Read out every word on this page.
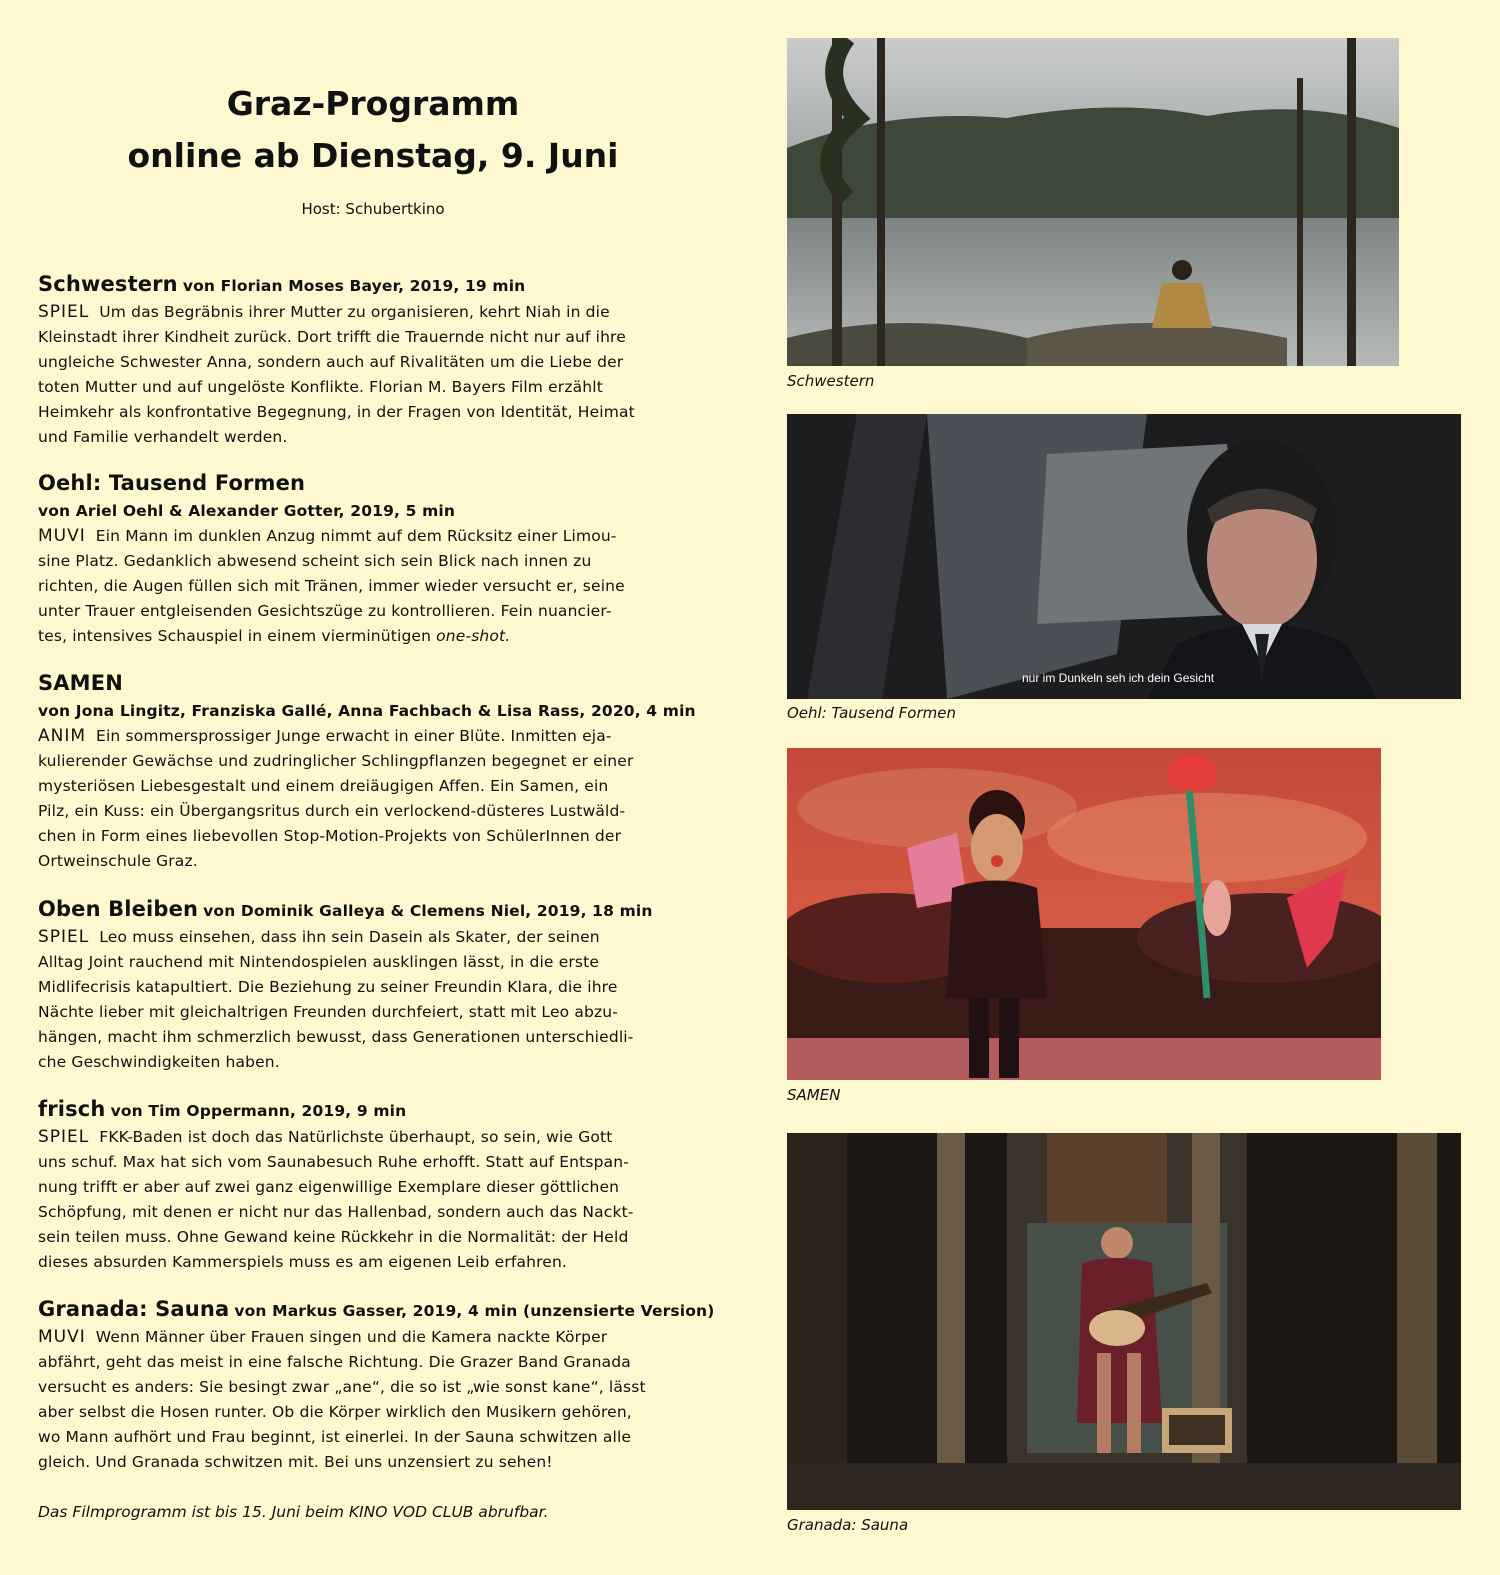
Graz-Programm
online ab Dienstag, 9. Juni
Host: Schubertkino
Schwestern von Florian Moses Bayer, 2019, 19 min
SPIEL Um das Begräbnis ihrer Mutter zu organisieren, kehrt Niah in die
Kleinstadt ihrer Kindheit zurück. Dort trifft die Trauernde nicht nur auf ihre
ungleiche Schwester Anna, sondern auch auf Rivalitäten um die Liebe der
toten Mutter und auf ungelöste Konflikte. Florian M. Bayers Film erzählt
Heimkehr als konfrontative Begegnung, in der Fragen von Identität, Heimat
und Familie verhandelt werden.
Oehl: Tausend Formen
von Ariel Oehl & Alexander Gotter, 2019, 5 min
MUVI Ein Mann im dunklen Anzug nimmt auf dem Rücksitz einer Limou-
sine Platz. Gedanklich abwesend scheint sich sein Blick nach innen zu
richten, die Augen füllen sich mit Tränen, immer wieder versucht er, seine
unter Trauer entgleisenden Gesichtszüge zu kontrollieren. Fein nuancier-
tes, intensives Schauspiel in einem vierminütigen one-shot.
SAMEN
von Jona Lingitz, Franziska Gallé, Anna Fachbach & Lisa Rass, 2020, 4 min
ANIM Ein sommersprossiger Junge erwacht in einer Blüte. Inmitten eja-
kulierender Gewächse und zudringlicher Schlingpflanzen begegnet er einer
mysteriösen Liebesgestalt und einem dreiäugigen Affen. Ein Samen, ein
Pilz, ein Kuss: ein Übergangsritus durch ein verlockend-düsteres Lustwäld-
chen in Form eines liebevollen Stop-Motion-Projekts von SchülerInnen der
Ortweinschule Graz.
Oben Bleiben von Dominik Galleya & Clemens Niel, 2019, 18 min
SPIEL Leo muss einsehen, dass ihn sein Dasein als Skater, der seinen
Alltag Joint rauchend mit Nintendospielen ausklingen lässt, in die erste
Midlifecrisis katapultiert. Die Beziehung zu seiner Freundin Klara, die ihre
Nächte lieber mit gleichaltrigen Freunden durchfeiert, statt mit Leo abzu-
hängen, macht ihm schmerzlich bewusst, dass Generationen unterschiedli-
che Geschwindigkeiten haben.
frisch von Tim Oppermann, 2019, 9 min
SPIEL FKK-Baden ist doch das Natürlichste überhaupt, so sein, wie Gott
uns schuf. Max hat sich vom Saunabesuch Ruhe erhofft. Statt auf Entspan-
nung trifft er aber auf zwei ganz eigenwillige Exemplare dieser göttlichen
Schöpfung, mit denen er nicht nur das Hallenbad, sondern auch das Nackt-
sein teilen muss. Ohne Gewand keine Rückkehr in die Normalität: der Held
dieses absurden Kammerspiels muss es am eigenen Leib erfahren.
Granada: Sauna von Markus Gasser, 2019, 4 min (unzensierte Version)
MUVI Wenn Männer über Frauen singen und die Kamera nackte Körper
abfährt, geht das meist in eine falsche Richtung. Die Grazer Band Granada
versucht es anders: Sie besingt zwar „ane“, die so ist „wie sonst kane“, lässt
aber selbst die Hosen runter. Ob die Körper wirklich den Musikern gehören,
wo Mann aufhört und Frau beginnt, ist einerlei. In der Sauna schwitzen alle
gleich. Und Granada schwitzen mit. Bei uns unzensiert zu sehen!
Das Filmprogramm ist bis 15. Juni beim KINO VOD CLUB abrufbar.
Schwestern
nur im Dunkeln seh ich dein Gesicht
Oehl: Tausend Formen
SAMEN
Granada: Sauna
